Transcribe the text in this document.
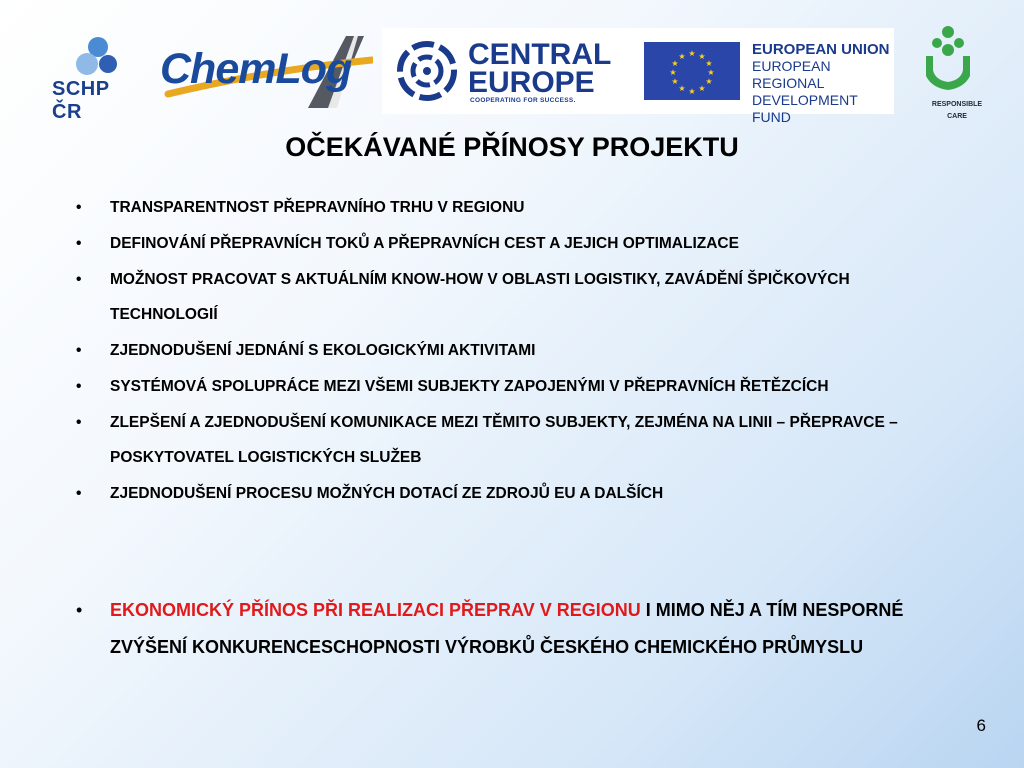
SCHP ČR
ChemLog	CENTRAL
EUROPE
COOPERATING FOR SUCCESS.
★ ★
★
★
★
★
★
★
★
★
★
★	EUROPEAN UNION
EUROPEAN REGIONAL
DEVELOPMENT FUND
RESPONSIBLE
CARE
OČEKÁVANÉ PŘÍNOSY PROJEKTU
• TRANSPARENTNOST PŘEPRAVNÍHO TRHU V REGIONU
• DEFINOVÁNÍ PŘEPRAVNÍCH TOKŮ A PŘEPRAVNÍCH CEST A JEJICH OPTIMALIZACE
• MOŽNOST PRACOVAT S AKTUÁLNÍM KNOW-HOW V OBLASTI LOGISTIKY, ZAVÁDĚNÍ ŠPIČKOVÝCH TECHNOLOGIÍ
• ZJEDNODUŠENÍ JEDNÁNÍ S EKOLOGICKÝMI AKTIVITAMI
• SYSTÉMOVÁ SPOLUPRÁCE MEZI VŠEMI SUBJEKTY ZAPOJENÝMI V PŘEPRAVNÍCH ŘETĚZCÍCH
• ZLEPŠENÍ A ZJEDNODUŠENÍ KOMUNIKACE MEZI TĚMITO SUBJEKTY, ZEJMÉNA NA LINII – PŘEPRAVCE – POSKYTOVATEL LOGISTICKÝCH SLUŽEB
• ZJEDNODUŠENÍ PROCESU MOŽNÝCH DOTACÍ ZE ZDROJŮ EU A DALŠÍCH
• EKONOMICKÝ PŘÍNOS PŘI REALIZACI PŘEPRAV V REGIONU I MIMO NĚJ A TÍM NESPORNÉ ZVÝŠENÍ KONKURENCESCHOPNOSTI VÝROBKŮ ČESKÉHO CHEMICKÉHO PRŮMYSLU
6
